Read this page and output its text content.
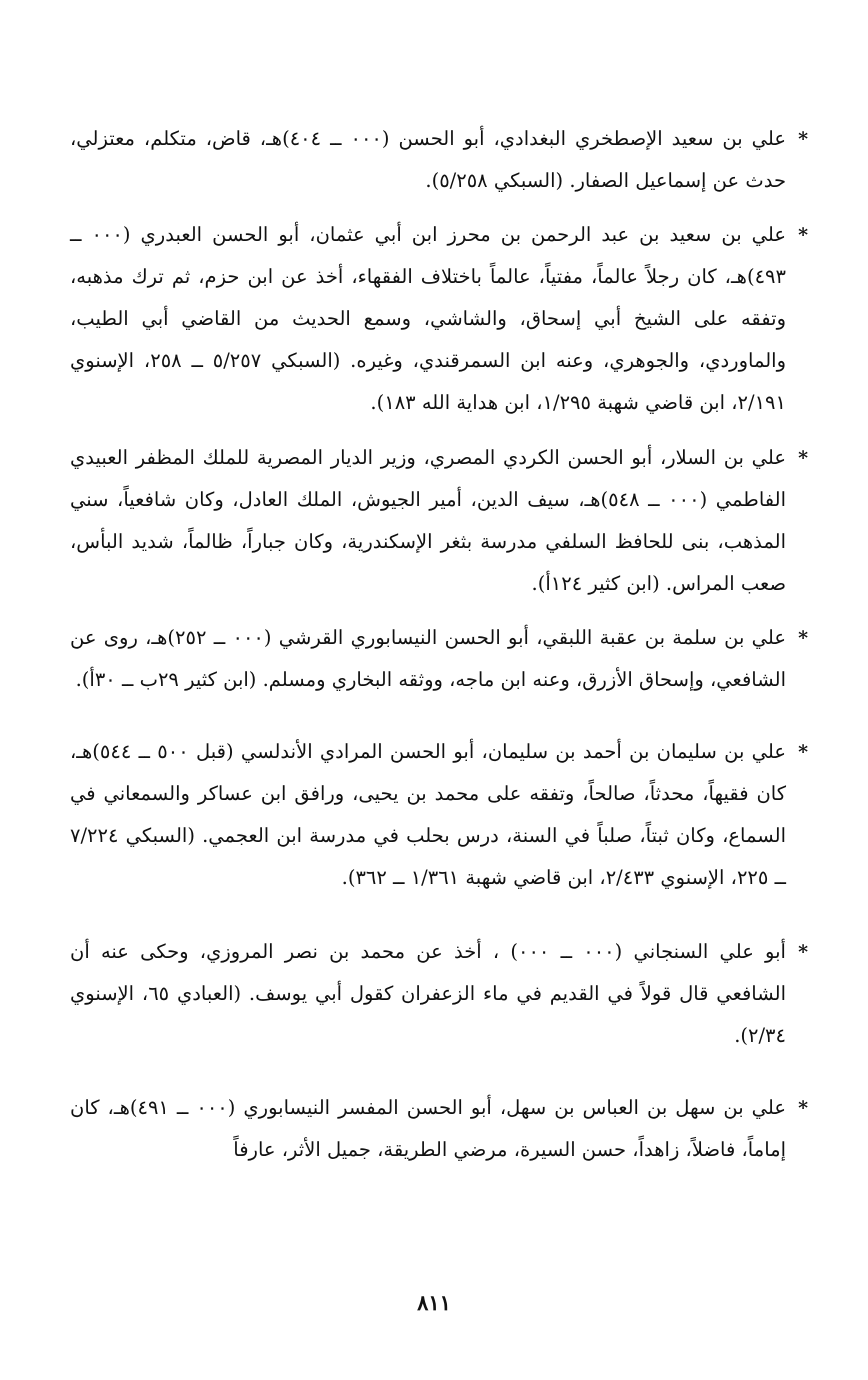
*
علي بن سعيد الإصطخري البغدادي، أبو الحسن (٠٠٠ ــ ٤٠٤)هـ، قاض، متكلم، معتزلي، حدث عن إسماعيل الصفار. (السبكي ٥/٢٥٨).

*
علي بن سعيد بن عبد الرحمن بن محرز ابن أبي عثمان، أبو الحسن العبدري (٠٠٠ ــ ٤٩٣)هـ، كان رجلاً عالماً، مفتياً، عالماً باختلاف الفقهاء، أخذ عن ابن حزم، ثم ترك مذهبه، وتفقه على الشيخ أبي إسحاق، والشاشي، وسمع الحديث من القاضي أبي الطيب، والماوردي، والجوهري، وعنه ابن السمرقندي، وغيره. (السبكي ٥/٢٥٧ ــ ٢٥٨، الإسنوي ٢/١٩١، ابن قاضي شهبة ١/٢٩٥، ابن هداية الله ١٨٣).

*
علي بن السلار، أبو الحسن الكردي المصري، وزير الديار المصرية للملك المظفر العبيدي الفاطمي (٠٠٠ ــ ٥٤٨)هـ، سيف الدين، أمير الجيوش، الملك العادل، وكان شافعياً، سني المذهب، بنى للحافظ السلفي مدرسة بثغر الإسكندرية، وكان جباراً، ظالماً، شديد البأس، صعب المراس. (ابن كثير ١٢٤أ).

*
علي بن سلمة بن عقبة اللبقي، أبو الحسن النيسابوري القرشي (٠٠٠ ــ ٢٥٢)هـ، روى عن الشافعي، وإسحاق الأزرق، وعنه ابن ماجه، ووثقه البخاري ومسلم. (ابن كثير ٢٩ب ــ ٣٠أ).

*
علي بن سليمان بن أحمد بن سليمان، أبو الحسن المرادي الأندلسي (قبل ٥٠٠ ــ ٥٤٤)هـ، كان فقيهاً، محدثاً، صالحاً، وتفقه على محمد بن يحيى، ورافق ابن عساكر والسمعاني في السماع، وكان ثبتاً، صلباً في السنة، درس بحلب في مدرسة ابن العجمي. (السبكي ٧/٢٢٤ ــ ٢٢٥، الإسنوي ٢/٤٣٣، ابن قاضي شهبة ١/٣٦١ ــ ٣٦٢).

*
أبو علي السنجاني (٠٠٠ ــ ٠٠٠) ، أخذ عن محمد بن نصر المروزي، وحكى عنه أن الشافعي قال قولاً في القديم في ماء الزعفران كقول أبي يوسف. (العبادي ٦٥، الإسنوي ٢/٣٤).

*
علي بن سهل بن العباس بن سهل، أبو الحسن المفسر النيسابوري (٠٠٠ ــ ٤٩١)هـ، كان إماماً، فاضلاً، زاهداً، حسن السيرة، مرضي الطريقة، جميل الأثر، عارفاً

٨١١
